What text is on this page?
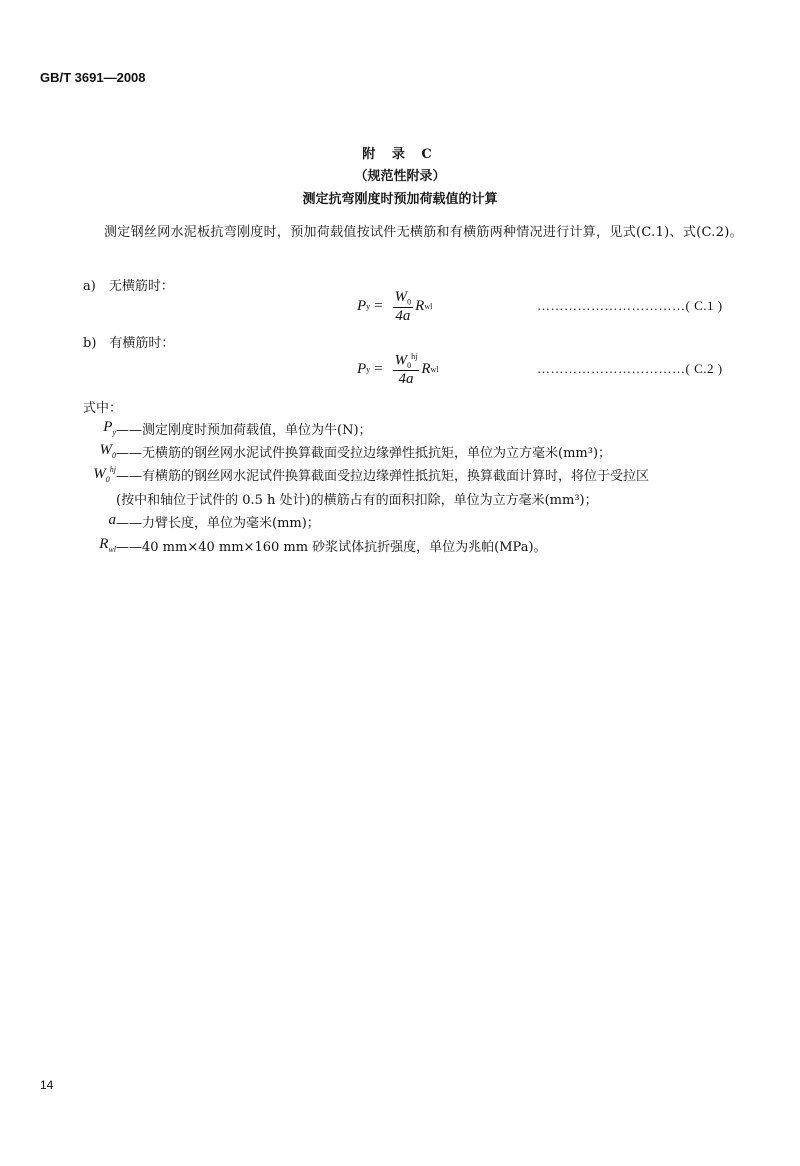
GB/T 3691—2008
附 录 C
（规范性附录）
测定抗弯刚度时预加荷载值的计算
测定钢丝网水泥板抗弯刚度时，预加荷载值按试件无横筋和有横筋两种情况进行计算，见式(C.1)、式(C.2)。
a)　无横筋时：
P $y = \frac{W_0}{4a}$ R wl	……………………………( C.1 )
b)　有横筋时：
P $y = \frac{W_0^{hj}}{4a}$ R wl	……………………………( C.2 )
式中：
$P_y$ ——测定刚度时预加荷载值，单位为牛(N)；
$W_0$ ——无横筋的钢丝网水泥试件换算截面受拉边缘弹性抵抗矩，单位为立方毫米(mm³)；
$W_0^{hj}$ ——有横筋的钢丝网水泥试件换算截面受拉边缘弹性抵抗矩，换算截面计算时，将位于受拉区
(按中和轴位于试件的 0.5 h 处计)的横筋占有的面积扣除，单位为立方毫米(mm³)；
a ——力臂长度，单位为毫米(mm)；
$R_{wl}$ ——40 mm×40 mm×160 mm 砂浆试体抗折强度，单位为兆帕(MPa)。
14
